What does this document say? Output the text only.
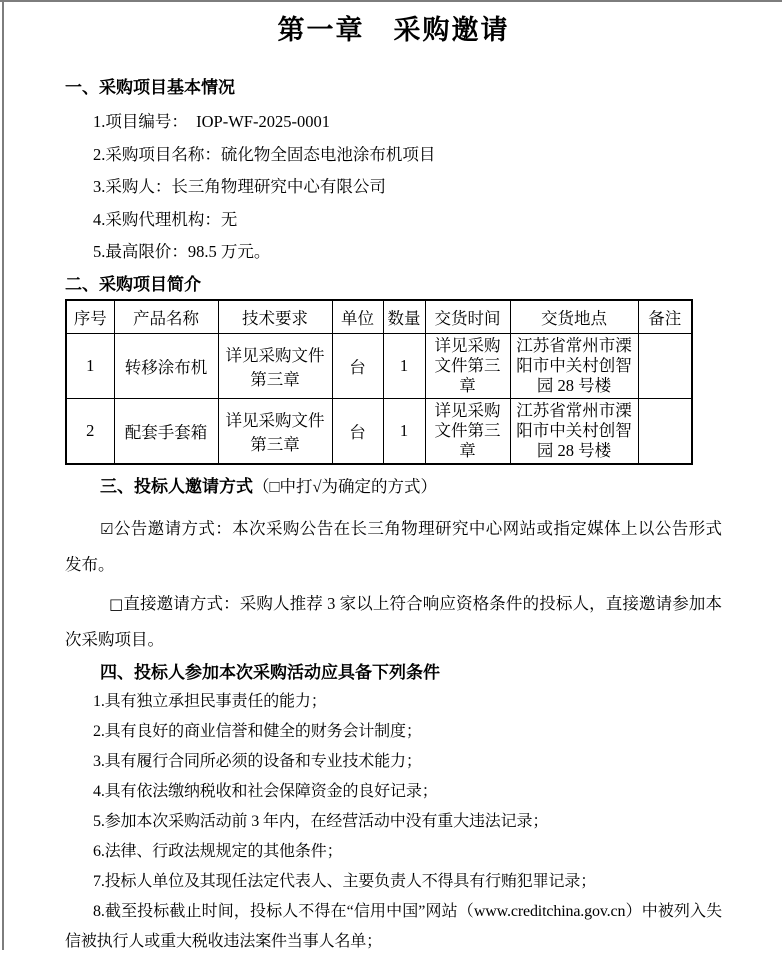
第一章　采购邀请

一、采购项目基本情况

1.项目编号：  IOP-WF-2025-0001

2.采购项目名称：硫化物全固态电池涂布机项目

3.采购人：长三角物理研究中心有限公司

4.采购代理机构：无

5.最高限价：98.5 万元。

二、采购项目简介

序号	产品名称	技术要求	单位	数量	交货时间	交货地点	备注
1	转移涂布机	详见采购文件第三章	台	1	详见采购文件第三章	江苏省常州市溧阳市中关村创智园 28 号楼	
2	配套手套箱	详见采购文件第三章	台	1	详见采购文件第三章	江苏省常州市溧阳市中关村创智园 28 号楼	

三、投标人邀请方式（□中打√为确定的方式）

☑公告邀请方式：本次采购公告在长三角物理研究中心网站或指定媒体上以公告形式发布。

□直接邀请方式：采购人推荐 3 家以上符合响应资格条件的投标人，直接邀请参加本次采购项目。

四、投标人参加本次采购活动应具备下列条件

1.具有独立承担民事责任的能力；

2.具有良好的商业信誉和健全的财务会计制度；

3.具有履行合同所必须的设备和专业技术能力；

4.具有依法缴纳税收和社会保障资金的良好记录；

5.参加本次采购活动前 3 年内，在经营活动中没有重大违法记录；

6.法律、行政法规规定的其他条件；

7.投标人单位及其现任法定代表人、主要负责人不得具有行贿犯罪记录；

8.截至投标截止时间，投标人不得在“信用中国”网站（www.creditchina.gov.cn）中被列入失信被执行人或重大税收违法案件当事人名单；
